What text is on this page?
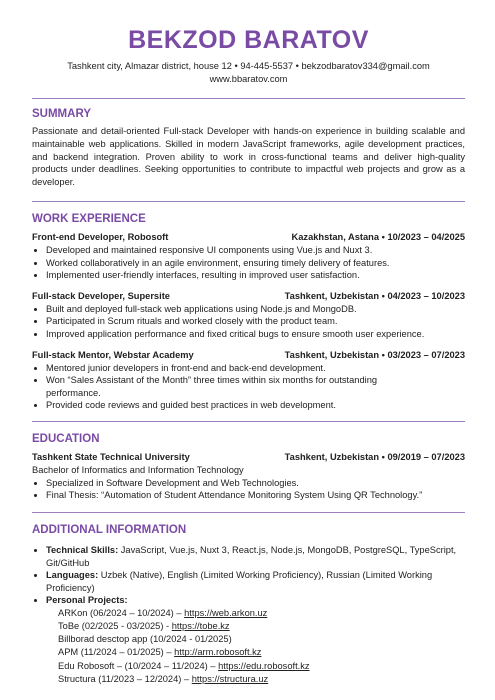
BEKZOD BARATOV
Tashkent city, Almazar district, house 12 • 94-445-5537 • bekzodbaratov334@gmail.com
www.bbaratov.com
SUMMARY
Passionate and detail-oriented Full-stack Developer with hands-on experience in building scalable and maintainable web applications. Skilled in modern JavaScript frameworks, agile development practices, and backend integration. Proven ability to work in cross-functional teams and deliver high-quality products under deadlines. Seeking opportunities to contribute to impactful web projects and grow as a developer.
WORK EXPERIENCE
Front-end Developer, Robosoft	Kazakhstan, Astana • 10/2023 – 04/2025
• Developed and maintained responsive UI components using Vue.js and Nuxt 3.
• Worked collaboratively in an agile environment, ensuring timely delivery of features.
• Implemented user-friendly interfaces, resulting in improved user satisfaction.
Full-stack Developer, Supersite	Tashkent, Uzbekistan • 04/2023 – 10/2023
• Built and deployed full-stack web applications using Node.js and MongoDB.
• Participated in Scrum rituals and worked closely with the product team.
• Improved application performance and fixed critical bugs to ensure smooth user experience.
Full-stack Mentor, Webstar Academy	Tashkent, Uzbekistan • 03/2023 – 07/2023
• Mentored junior developers in front-end and back-end development.
• Won “Sales Assistant of the Month” three times within six months for outstanding performance.
• Provided code reviews and guided best practices in web development.
EDUCATION
Tashkent State Technical University	Tashkent, Uzbekistan • 09/2019 – 07/2023
Bachelor of Informatics and Information Technology
• Specialized in Software Development and Web Technologies.
• Final Thesis: “Automation of Student Attendance Monitoring System Using QR Technology.”
ADDITIONAL INFORMATION
• Technical Skills: JavaScript, Vue.js, Nuxt 3, React.js, Node.js, MongoDB, PostgreSQL, TypeScript, Git/GitHub
• Languages: Uzbek (Native), English (Limited Working Proficiency), Russian (Limited Working Proficiency)
• Personal Projects:
ARKon (06/2024 – 10/2024) – https://web.arkon.uz
ToBe (02/2025 - 03/2025) - https://tobe.kz
Billborad desctop app (10/2024 - 01/2025)
APM (11/2024 – 01/2025) – http://arm.robosoft.kz
Edu Robosoft – (10/2024 – 11/2024) – https://edu.robosoft.kz
Structura (11/2023 – 12/2024) – https://structura.uz
